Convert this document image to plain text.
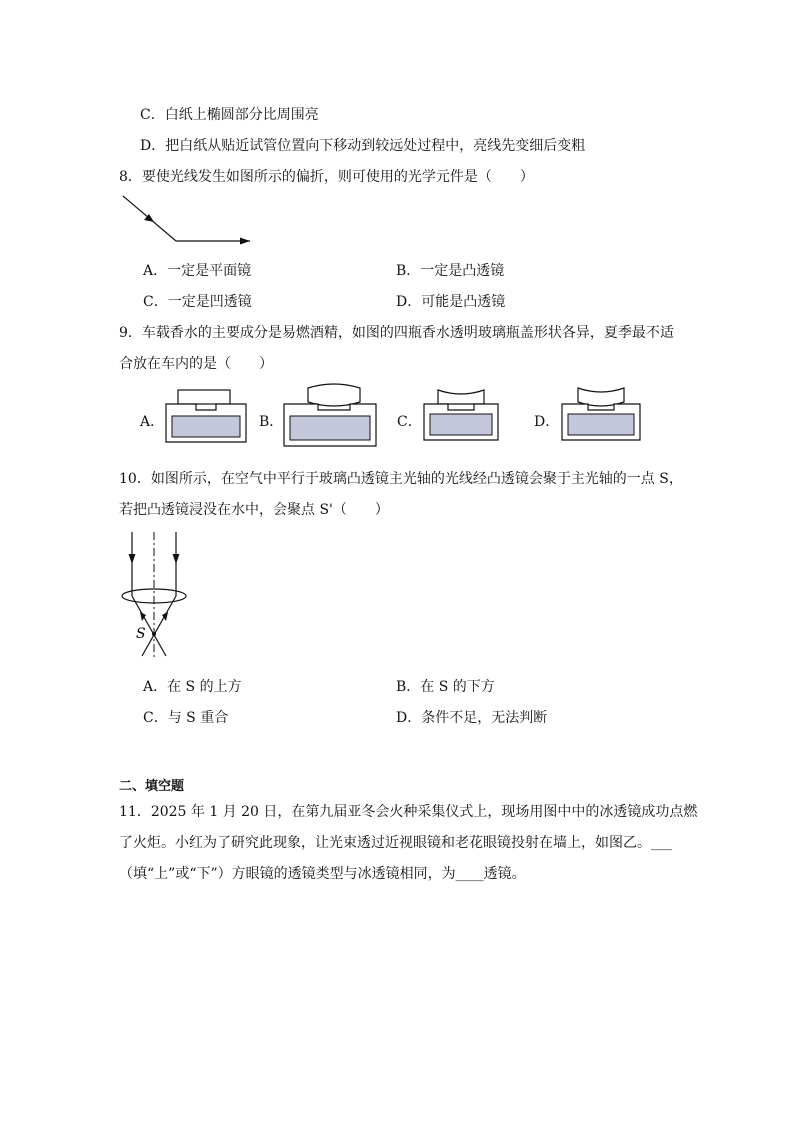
C．白纸上椭圆部分比周围亮
D．把白纸从贴近试管位置向下移动到较远处过程中，亮线先变细后变粗
8．要使光线发生如图所示的偏折，则可使用的光学元件是（　　）
A．一定是平面镜	B．一定是凸透镜
C．一定是凹透镜	D．可能是凸透镜
9．车载香水的主要成分是易燃酒精，如图的四瓶香水透明玻璃瓶盖形状各异，夏季最不适
合放在车内的是（　　）
A．	B．	C．	D．
10．如图所示，在空气中平行于玻璃凸透镜主光轴的光线经凸透镜会聚于主光轴的一点 S，
若把凸透镜浸没在水中，会聚点 S'（　　）
S
A．在 S 的上方	B．在 S 的下方
C．与 S 重合	D．条件不足，无法判断
二、填空题
11．2025 年 1 月 20 日，在第九届亚冬会火种采集仪式上，现场用图中中的冰透镜成功点燃
了火炬。小红为了研究此现象，让光束透过近视眼镜和老花眼镜投射在墙上，如图乙。___
（填“上”或“下”）方眼镜的透镜类型与冰透镜相同，为____透镜。
